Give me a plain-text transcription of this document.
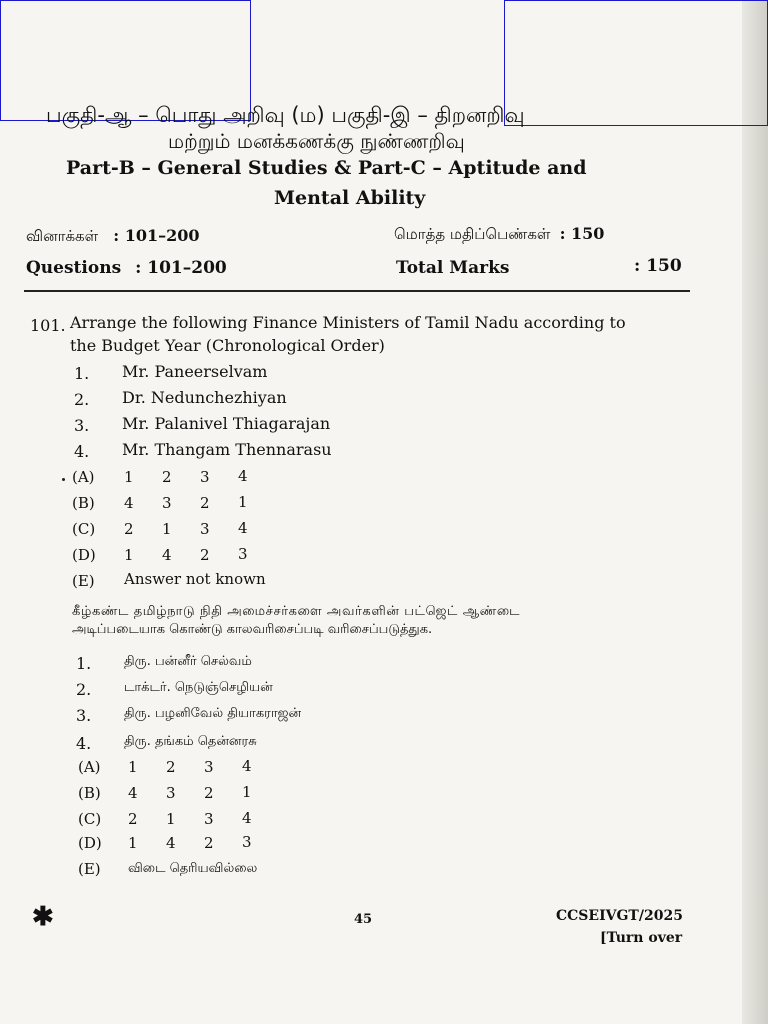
பகுதி-ஆ – பொது அறிவு (ம) பகுதி-இ – திறனறிவு
மற்றும் மனக்கணக்கு நுண்ணறிவு
Part-B – General Studies & Part-C – Aptitude and
Mental Ability
வினாக்கள் : 101–200	மொத்த மதிப்பெண்கள் : 150
Questions : 101–200	Total Marks	: 150
101. Arrange the following Finance Ministers of Tamil Nadu according to
the Budget Year (Chronological Order)
1. Mr. Paneerselvam
2. Dr. Nedunchezhiyan
3. Mr. Palanivel Thiagarajan
4. Mr. Thangam Thennarasu
(A) 1 2 3 4
(B) 4 3 2 1
(C) 2 1 3 4
(D) 1 4 2 3
(E) Answer not known
கீழ்கண்ட தமிழ்நாடு நிதி அமைச்சர்களை அவர்களின் பட்ஜெட் ஆண்டை
அடிப்படையாக கொண்டு காலவரிசைப்படி வரிசைப்படுத்துக.
1.	திரு. பன்னீர் செல்வம்
2.	டாக்டர். நெடுஞ்செழியன்
3.	திரு. பழனிவேல் தியாகராஜன்
4.	திரு. தங்கம் தென்னரசு
(A) 1 2 3 4
(B) 4 3 2 1
(C) 2 1 3 4
(D) 1 4 2 3
(E) விடை தெரியவில்லை
✱	45	CCSEIVGT/2025
[Turn over
